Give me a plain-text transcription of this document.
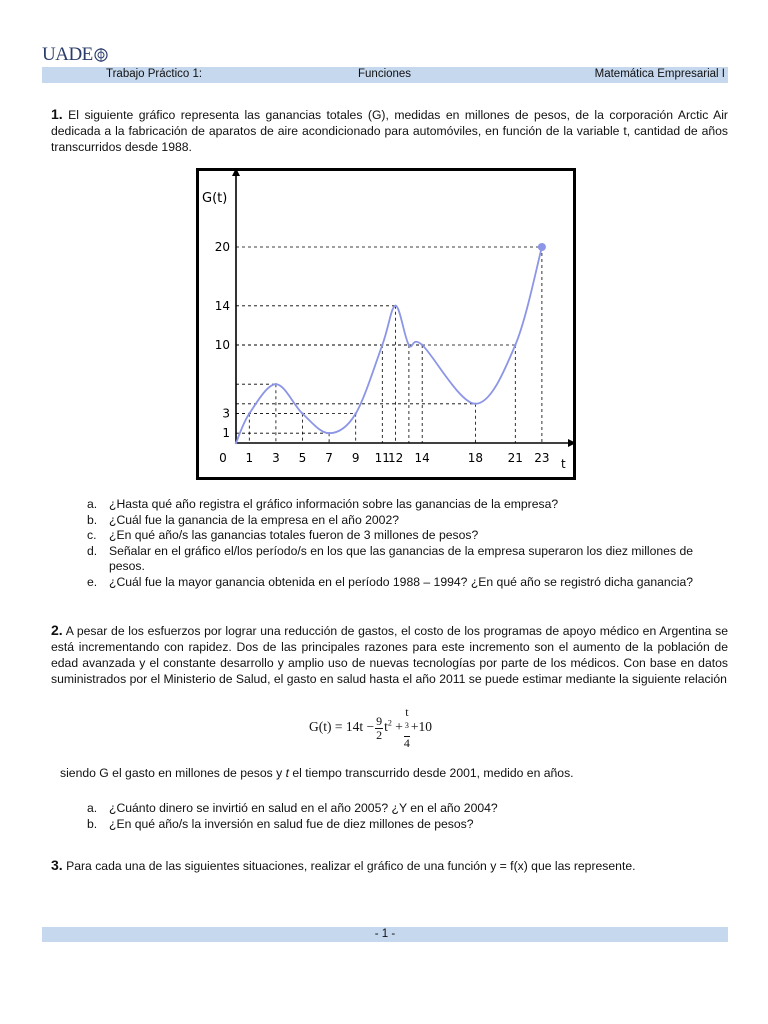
UADE
Trabajo Práctico 1:	Funciones	Matemática Empresarial I
1. El siguiente gráfico representa las ganancias totales (G), medidas en millones de pesos, de la corporación Arctic Air dedicada a la fabricación de aparatos de aire acondicionado para automóviles, en función de la variable t, cantidad de años transcurridos desde 1988.
G(t)
t
0 1 3 5 7 9 11
12 14	18 21 23
1
3
10
14
20
a. ¿Hasta qué año registra el gráfico información sobre las ganancias de la empresa?
b. ¿Cuál fue la ganancia de la empresa en el año 2002?
c.	¿En qué año/s las ganancias totales fueron de 3 millones de pesos?
d. Señalar en el gráfico el/los período/s en los que las ganancias de la empresa superaron los diez millones de pesos.
e. ¿Cuál fue la mayor ganancia obtenida en el período 1988 – 1994? ¿En qué año se registró dicha ganancia?
2. A pesar de los esfuerzos por lograr una reducción de gastos, el costo de los programas de apoyo médico en Argentina se está incrementando con rapidez. Dos de las principales razones para este incremento son el aumento de la población de edad avanzada y el constante desarrollo y amplio uso de nuevas tecnologías por parte de los médicos. Con base en datos suministrados por el Ministerio de Salud, el gasto en salud hasta el año 2011 se puede estimar mediante la siguiente relación
$G(t) = 14t - \frac{9}{2} t^2 + t$
$^3$
4 +10
siendo G el gasto en millones de pesos y t el tiempo transcurrido desde 2001, medido en años.
a. ¿Cuánto dinero se invirtió en salud en el año 2005? ¿Y en el año 2004?
b. ¿En qué año/s la inversión en salud fue de diez millones de pesos?
3. Para cada una de las siguientes situaciones, realizar el gráfico de una función y = f(x) que las represente.
- 1 -
